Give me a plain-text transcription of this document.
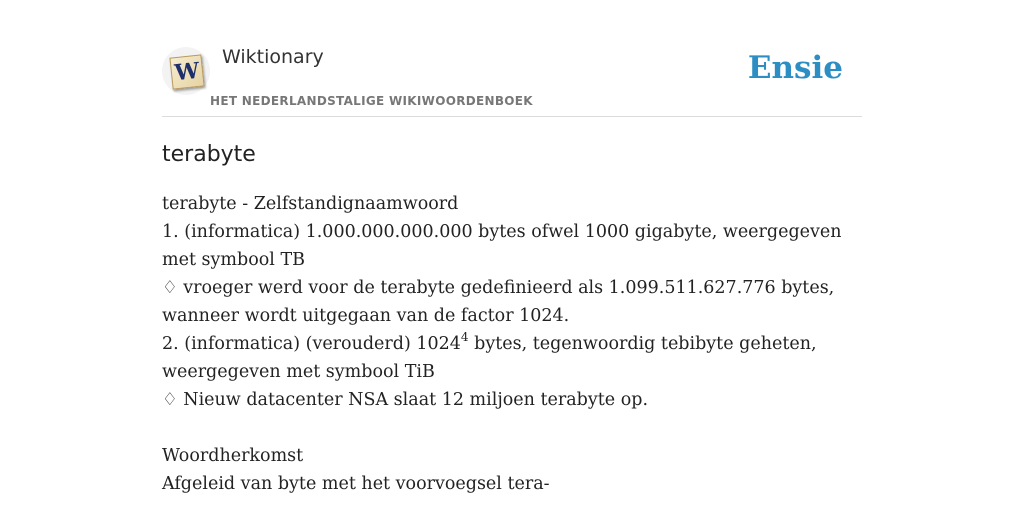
W
Wiktionary
HET NEDERLANDSTALIGE WIKIWOORDENBOEK
Ensie
terabyte

terabyte - Zelfstandignaamwoord

1. (informatica) 1.000.000.000.000 bytes ofwel 1000 gigabyte, weergegeven met symbool TB

♢ vroeger werd voor de terabyte gedefinieerd als 1.099.511.627.776 bytes, wanneer wordt uitgegaan van de factor 1024.

2. (informatica) (verouderd) 1024$^4$ bytes, tegenwoordig tebibyte geheten, weergegeven met symbool TiB

♢ Nieuw datacenter NSA slaat 12 miljoen terabyte op.

Woordherkomst

Afgeleid van byte met het voorvoegsel tera-
